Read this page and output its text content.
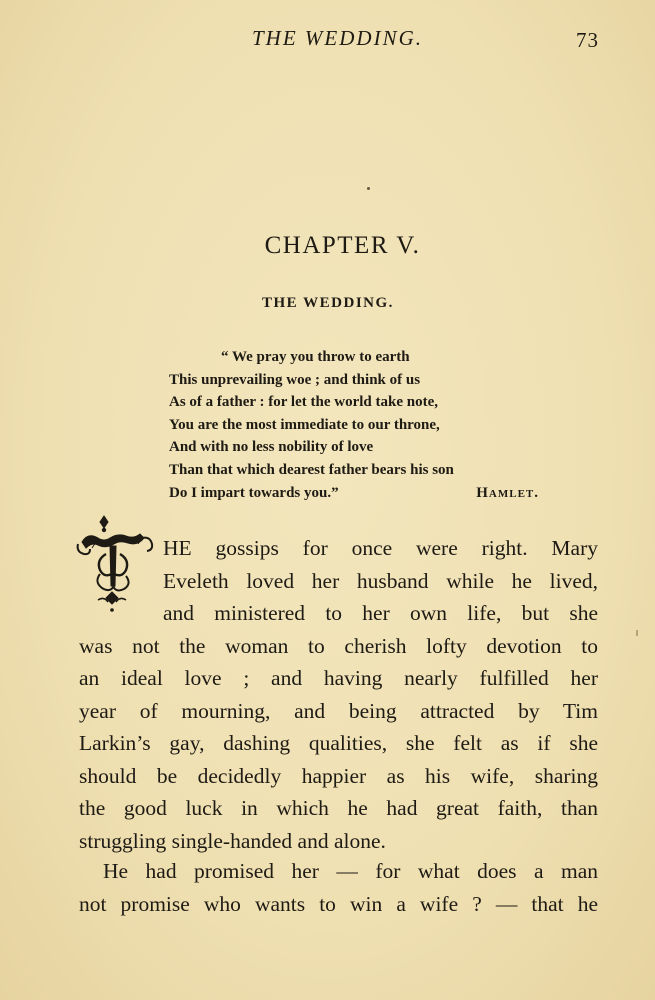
THE WEDDING.	73
CHAPTER V.
THE WEDDING.
“ We pray you throw to earth
This unprevailing woe ; and think of us
As of a father : for let the world take note,
You are the most immediate to our throne,
And with no less nobility of love
Than that which dearest father bears his son
Do I impart towards you.”	Hamlet.
HE gossips for once were right. Mary
Eveleth loved her husband while he lived,
and ministered to her own life, but she
was not the woman to cherish lofty devotion to
an ideal love ; and having nearly fulfilled her
year of mourning, and being attracted by Tim
Larkin’s gay, dashing qualities, she felt as if she
should be decidedly happier as his wife, sharing
the good luck in which he had great faith, than
struggling single-handed and alone.
He had promised her — for what does a man
not promise who wants to win a wife ? — that he
